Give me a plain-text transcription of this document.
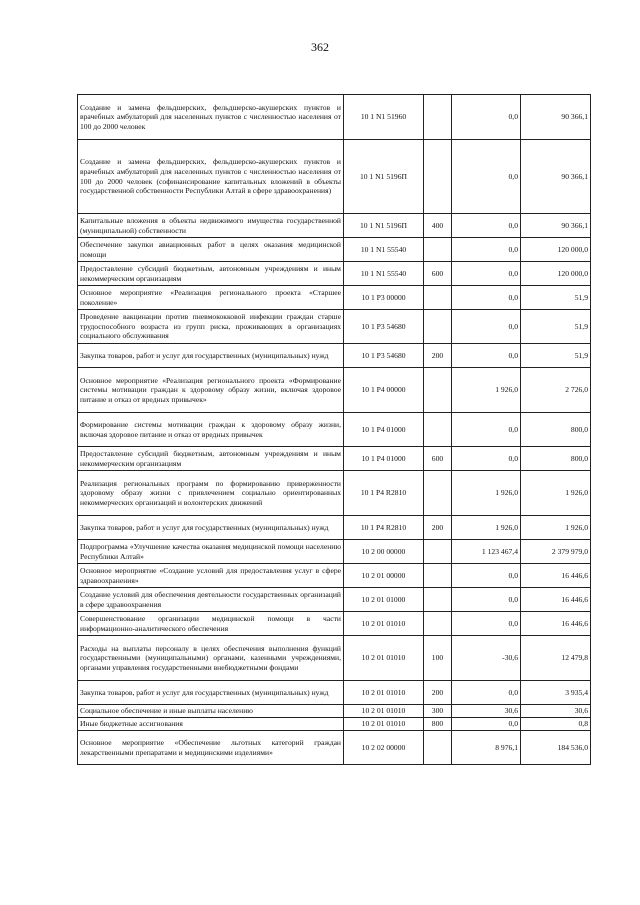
362
Создание и замена фельдшерских, фельдшерско-акушерских пунктов и врачебных амбулаторий для населенных пунктов с численностью населения от 100 до 2000 человек	10 1 N1 51960		0,0	90 366,1
Создание и замена фельдшерских, фельдшерско-акушерских пунктов и врачебных амбулаторий для населенных пунктов с численностью населения от 100 до 2000 человек (софинансирование капитальных вложений в объекты государственной собственности Республики Алтай в сфере здравоохранения)	10 1 N1 5196П		0,0	90 366,1
Капитальные вложения в объекты недвижимого имущества государственной (муниципальной) собственности	10 1 N1 5196П	400	0,0	90 366,1
Обеспечение закупки авиационных работ в целях оказания медицинской помощи	10 1 N1 55540		0,0	120 000,0
Предоставление субсидий бюджетным, автономным учреждениям и иным некоммерческим организациям	10 1 N1 55540	600	0,0	120 000,0
Основное мероприятие «Реализация регионального проекта «Старшее поколение»	10 1 P3 00000		0,0	51,9
Проведение вакцинации против пневмококковой инфекции граждан старше трудоспособного возраста из групп риска, проживающих в организациях социального обслуживания	10 1 P3 54680		0,0	51,9
Закупка товаров, работ и услуг для государственных (муниципальных) нужд	10 1 P3 54680	200	0,0	51,9
Основное мероприятие «Реализация регионального проекта «Формирование системы мотивации граждан к здоровому образу жизни, включая здоровое питание и отказ от вредных привычек»	10 1 P4 00000		1 926,0	2 726,0
Формирование системы мотивации граждан к здоровому образу жизни, включая здоровое питание и отказ от вредных привычек	10 1 P4 01000		0,0	800,0
Предоставление субсидий бюджетным, автономным учреждениям и иным некоммерческим организациям	10 1 P4 01000	600	0,0	800,0
Реализация региональных программ по формированию приверженности здоровому образу жизни с привлечением социально ориентированных некоммерческих организаций и волонтерских движений	10 1 P4 R2810		1 926,0	1 926,0
Закупка товаров, работ и услуг для государственных (муниципальных) нужд	10 1 P4 R2810	200	1 926,0	1 926,0
Подпрограмма «Улучшение качества оказания медицинской помощи населению Республики Алтай»	10 2 00 00000		1 123 467,4	2 379 979,0
Основное мероприятие «Создание условий для предоставления услуг в сфере здравоохранения»	10 2 01 00000		0,0	16 446,6
Создание условий для обеспечения деятельности государственных организаций в сфере здравоохранения	10 2 01 01000		0,0	16 446,6
Совершенствование организации медицинской помощи в части информационно-аналитического обеспечения	10 2 01 01010		0,0	16 446,6
Расходы на выплаты персоналу в целях обеспечения выполнения функций государственными (муниципальными) органами, казенными учреждениями, органами управления государственными внебюджетными фондами	10 2 01 01010	100	-30,6	12 479,8
Закупка товаров, работ и услуг для государственных (муниципальных) нужд	10 2 01 01010	200	0,0	3 935,4
Социальное обеспечение и иные выплаты населению	10 2 01 01010	300	30,6	30,6
Иные бюджетные ассигнования	10 2 01 01010	800	0,0	0,8
Основное мероприятие «Обеспечение льготных категорий граждан лекарственными препаратами и медицинскими изделиями»	10 2 02 00000		8 976,1	184 536,0
